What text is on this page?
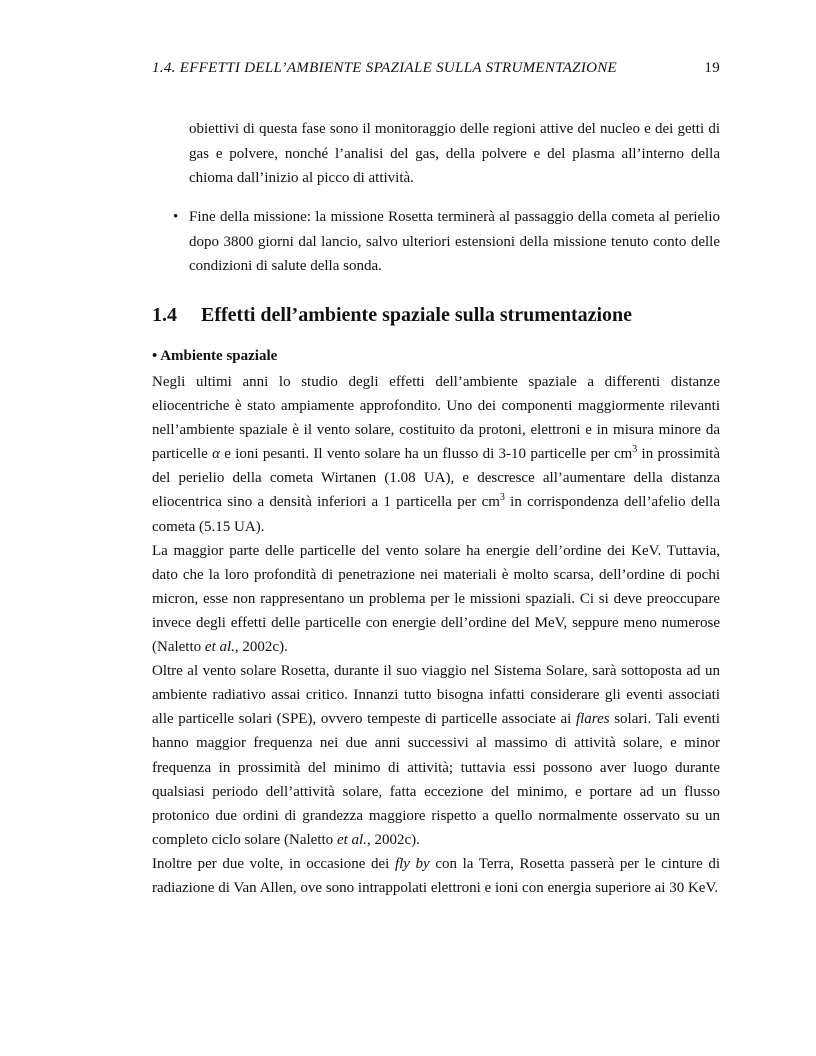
1.4. EFFETTI DELL’AMBIENTE SPAZIALE SULLA STRUMENTAZIONE	19
obiettivi di questa fase sono il monitoraggio delle regioni attive del nucleo e dei getti di gas e polvere, nonché l’analisi del gas, della polvere e del plasma all’interno della chioma dall’inizio al picco di attività.
• Fine della missione: la missione Rosetta terminerà al passaggio della cometa al perielio dopo 3800 giorni dal lancio, salvo ulteriori estensioni della missione tenuto conto delle condizioni di salute della sonda.
1.4 Effetti dell’ambiente spaziale sulla strumentazione
• Ambiente spaziale

Negli ultimi anni lo studio degli effetti dell’ambiente spaziale a differenti distanze eliocentriche è stato ampiamente approfondito. Uno dei componenti maggiormente rilevanti nell’ambiente spaziale è il vento solare, costituito da protoni, elettroni e in misura minore da particelle α e ioni pesanti. Il vento solare ha un flusso di 3-10 particelle per $cm^3$ in prossimità del perielio della cometa Wirtanen (1.08 UA), e descresce all’aumentare della distanza eliocentrica sino a densità inferiori a 1 particella per $cm^3$ in corrispondenza dell’afelio della cometa (5.15 UA).

La maggior parte delle particelle del vento solare ha energie dell’ordine dei KeV. Tuttavia, dato che la loro profondità di penetrazione nei materiali è molto scarsa, dell’ordine di pochi micron, esse non rappresentano un problema per le missioni spaziali. Ci si deve preoccupare invece degli effetti delle particelle con energie dell’ordine del MeV, seppure meno numerose (Naletto et al., 2002c).

Oltre al vento solare Rosetta, durante il suo viaggio nel Sistema Solare, sarà sottoposta ad un ambiente radiativo assai critico. Innanzi tutto bisogna infatti considerare gli eventi associati alle particelle solari (SPE), ovvero tempeste di particelle associate ai flares solari. Tali eventi hanno maggior frequenza nei due anni successivi al massimo di attività solare, e minor frequenza in prossimità del minimo di attività; tuttavia essi possono aver luogo durante qualsiasi periodo dell’attività solare, fatta eccezione del minimo, e portare ad un flusso protonico due ordini di grandezza maggiore rispetto a quello normalmente osservato su un completo ciclo solare (Naletto et al., 2002c).

Inoltre per due volte, in occasione dei fly by con la Terra, Rosetta passerà per le cinture di radiazione di Van Allen, ove sono intrappolati elettroni e ioni con energia superiore ai 30 KeV.
